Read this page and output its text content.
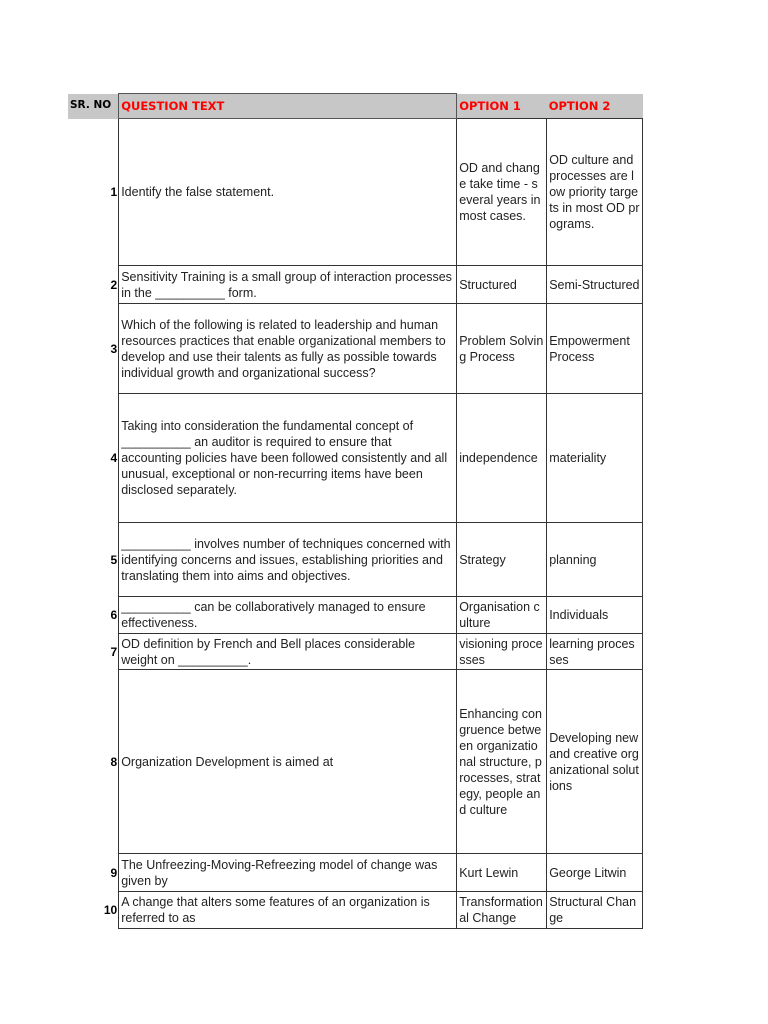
SR. NO	QUESTION TEXT	OPTION 1	OPTION 2
1	Identify the false statement.	OD and change take time - several years in most cases.	OD culture and processes are low priority targets in most OD programs.
2	Sensitivity Training is a small group of interaction processes in the __________ form.	Structured	Semi-Structured
3	Which of the following is related to leadership and human resources practices that enable organizational members to develop and use their talents as fully as possible towards individual growth and organizational success?	Problem Solving Process	Empowerment Process
4	Taking into consideration the fundamental concept of __________ an auditor is required to ensure that accounting policies have been followed consistently and all unusual, exceptional or non-recurring items have been disclosed separately.	independence	materiality
5	__________ involves number of techniques concerned with identifying concerns and issues, establishing priorities and translating them into aims and objectives.	Strategy	planning
6	__________ can be collaboratively managed to ensure effectiveness.	Organisation culture	Individuals
7	OD definition by French and Bell places considerable weight on __________.	visioning processes	learning processes
8	Organization Development is aimed at	Enhancing congruence between organizational structure, processes, strategy, people and culture	Developing new and creative organizational solutions
9	The Unfreezing-Moving-Refreezing model of change was given by	Kurt Lewin	George Litwin
10	A change that alters some features of an organization is referred to as	Transformational Change	Structural Change
